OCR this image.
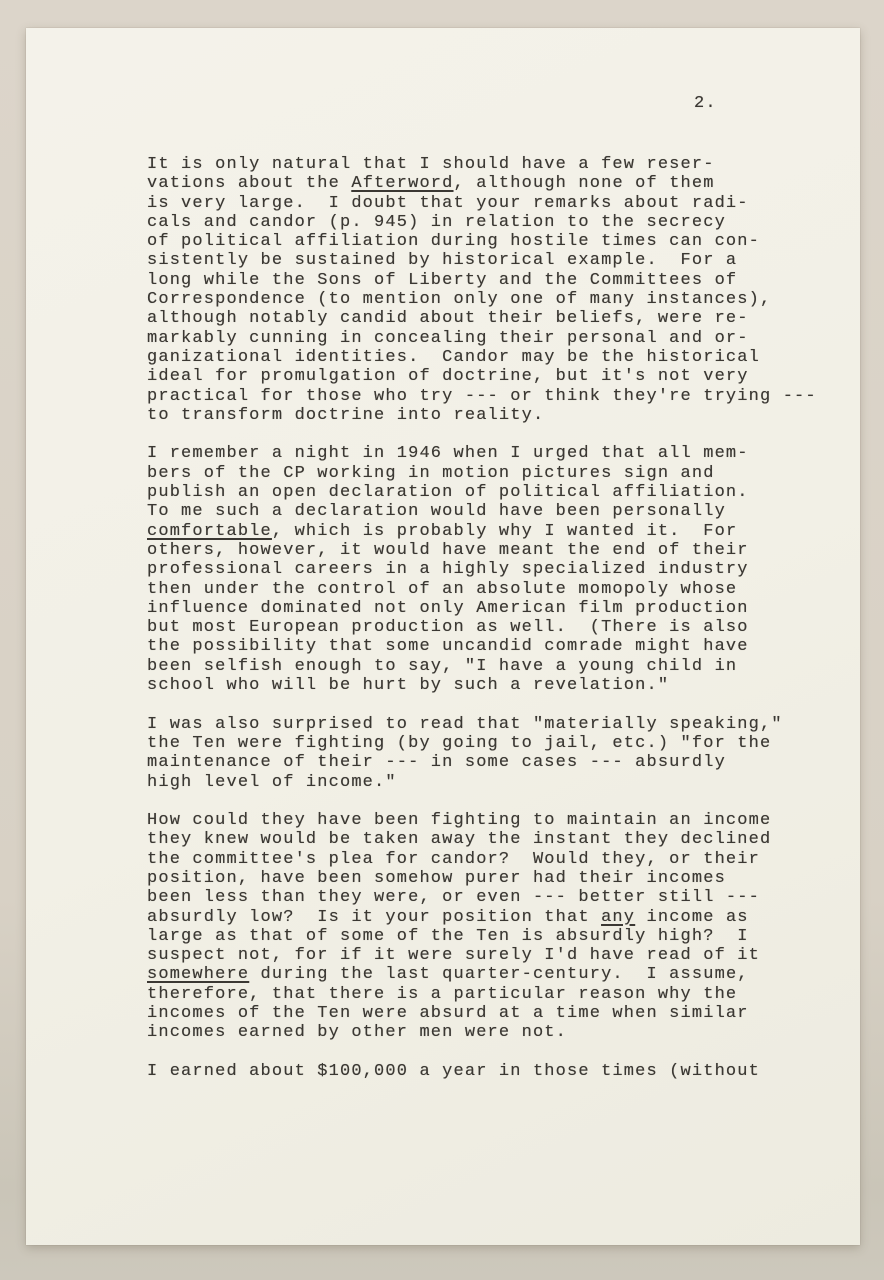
2.
It is only natural that I should have a few reser-
vations about the Afterword, although none of them
is very large.  I doubt that your remarks about radi-
cals and candor (p. 945) in relation to the secrecy
of political affiliation during hostile times can con-
sistently be sustained by historical example.  For a
long while the Sons of Liberty and the Committees of
Correspondence (to mention only one of many instances),
although notably candid about their beliefs, were re-
markably cunning in concealing their personal and or-
ganizational identities.  Candor may be the historical
ideal for promulgation of doctrine, but it's not very
practical for those who try --- or think they're trying ---
to transform doctrine into reality.
I remember a night in 1946 when I urged that all mem-
bers of the CP working in motion pictures sign and
publish an open declaration of political affiliation.
To me such a declaration would have been personally
comfortable, which is probably why I wanted it.  For
others, however, it would have meant the end of their
professional careers in a highly specialized industry
then under the control of an absolute momopoly whose
influence dominated not only American film production
but most European production as well.  (There is also
the possibility that some uncandid comrade might have
been selfish enough to say, "I have a young child in
school who will be hurt by such a revelation."
I was also surprised to read that "materially speaking,"
the Ten were fighting (by going to jail, etc.) "for the
maintenance of their --- in some cases --- absurdly
high level of income."
How could they have been fighting to maintain an income
they knew would be taken away the instant they declined
the committee's plea for candor?  Would they, or their
position, have been somehow purer had their incomes
been less than they were, or even --- better still ---
absurdly low?  Is it your position that any income as
large as that of some of the Ten is absurdly high?  I
suspect not, for if it were surely I'd have read of it
somewhere during the last quarter-century.  I assume,
therefore, that there is a particular reason why the
incomes of the Ten were absurd at a time when similar
incomes earned by other men were not.
I earned about $100,000 a year in those times (without
